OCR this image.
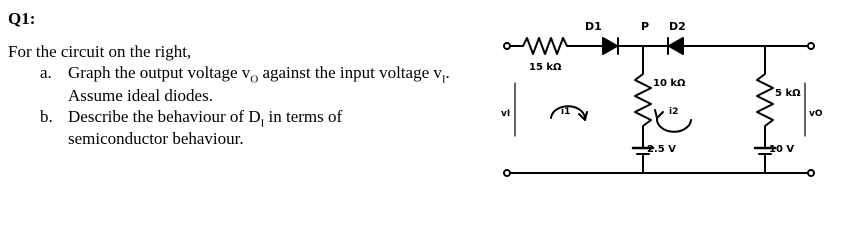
Q1:
For the circuit on the right,
a. Graph the output voltage $v_O$ against the input voltage $v_I$.
Assume ideal diodes.
b. Describe the behaviour of $D_I$ in terms of
semiconductor behaviour.
D1	P D2
15 kΩ
10 kΩ
5 kΩ
2.5 V	10 V
vI	vO
i1	i2
